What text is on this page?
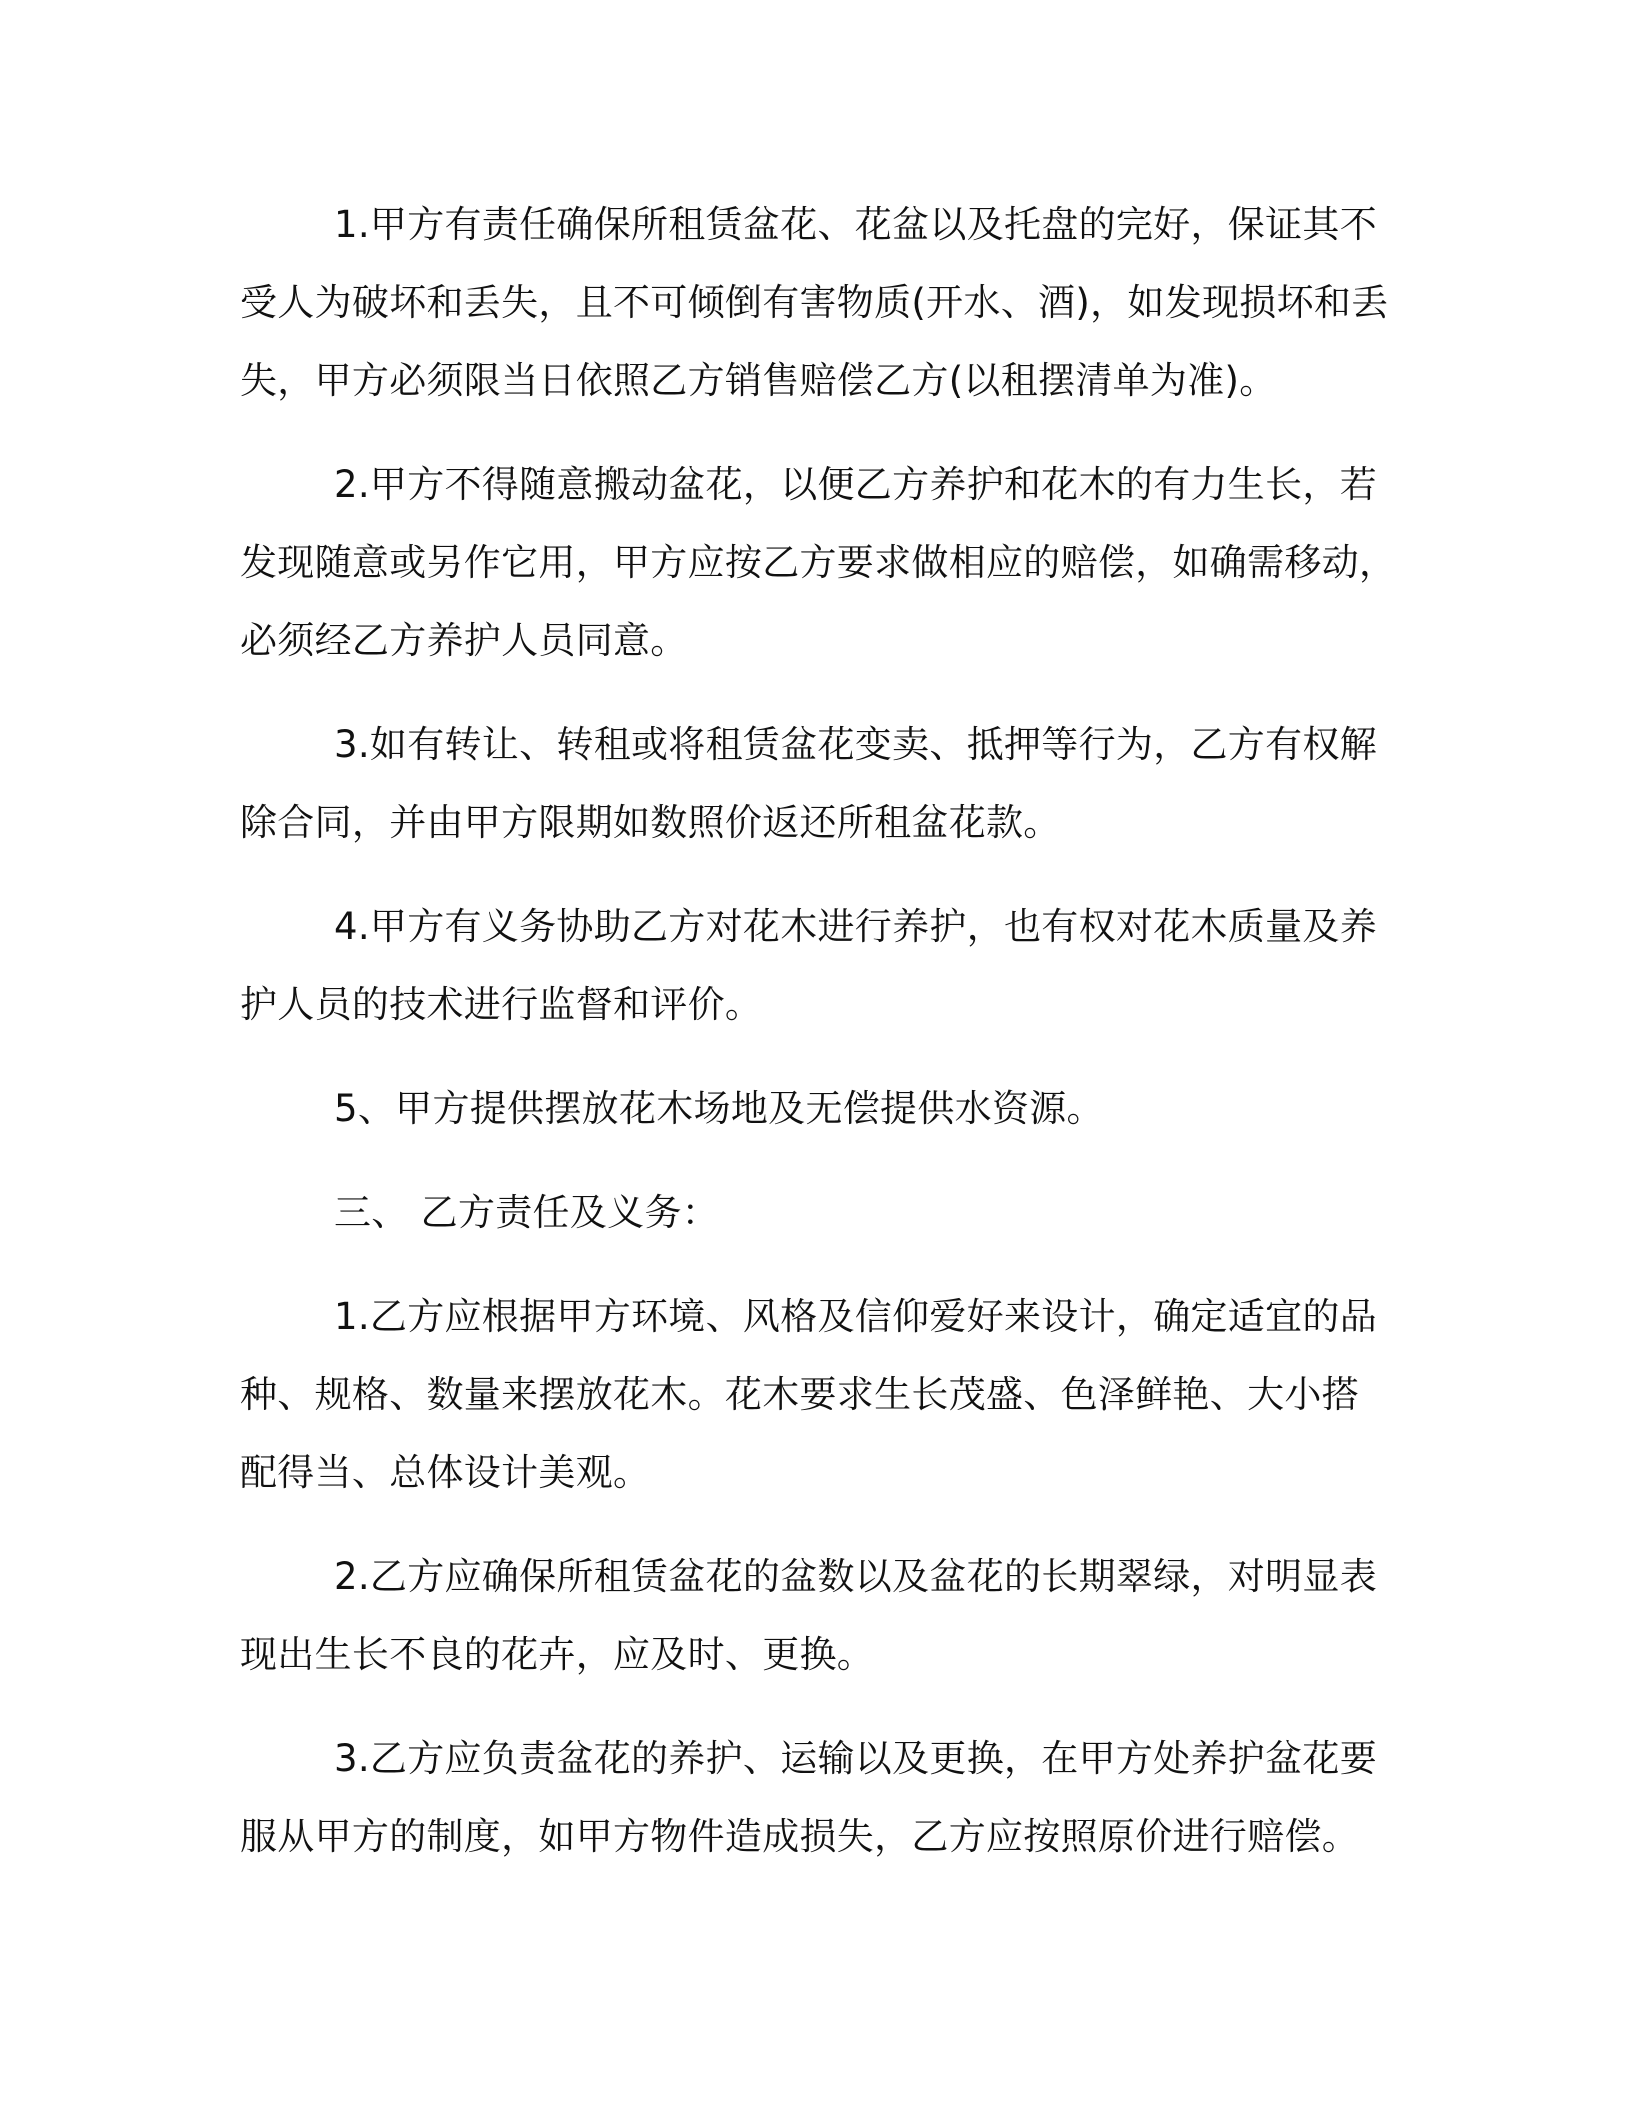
1.甲方有责任确保所租赁盆花、花盆以及托盘的完好，保证其不
受人为破坏和丢失，且不可倾倒有害物质(开水、酒)，如发现损坏和丢
失，甲方必须限当日依照乙方销售赔偿乙方(以租摆清单为准)。

2.甲方不得随意搬动盆花，以便乙方养护和花木的有力生长，若
发现随意或另作它用，甲方应按乙方要求做相应的赔偿，如确需移动，
必须经乙方养护人员同意。

3.如有转让、转租或将租赁盆花变卖、抵押等行为，乙方有权解
除合同，并由甲方限期如数照价返还所租盆花款。

4.甲方有义务协助乙方对花木进行养护，也有权对花木质量及养
护人员的技术进行监督和评价。

5、甲方提供摆放花木场地及无偿提供水资源。

三、 乙方责任及义务：

1.乙方应根据甲方环境、风格及信仰爱好来设计，确定适宜的品
种、规格、数量来摆放花木。花木要求生长茂盛、色泽鲜艳、大小搭
配得当、总体设计美观。

2.乙方应确保所租赁盆花的盆数以及盆花的长期翠绿，对明显表
现出生长不良的花卉，应及时、更换。

3.乙方应负责盆花的养护、运输以及更换，在甲方处养护盆花要
服从甲方的制度，如甲方物件造成损失，乙方应按照原价进行赔偿。
